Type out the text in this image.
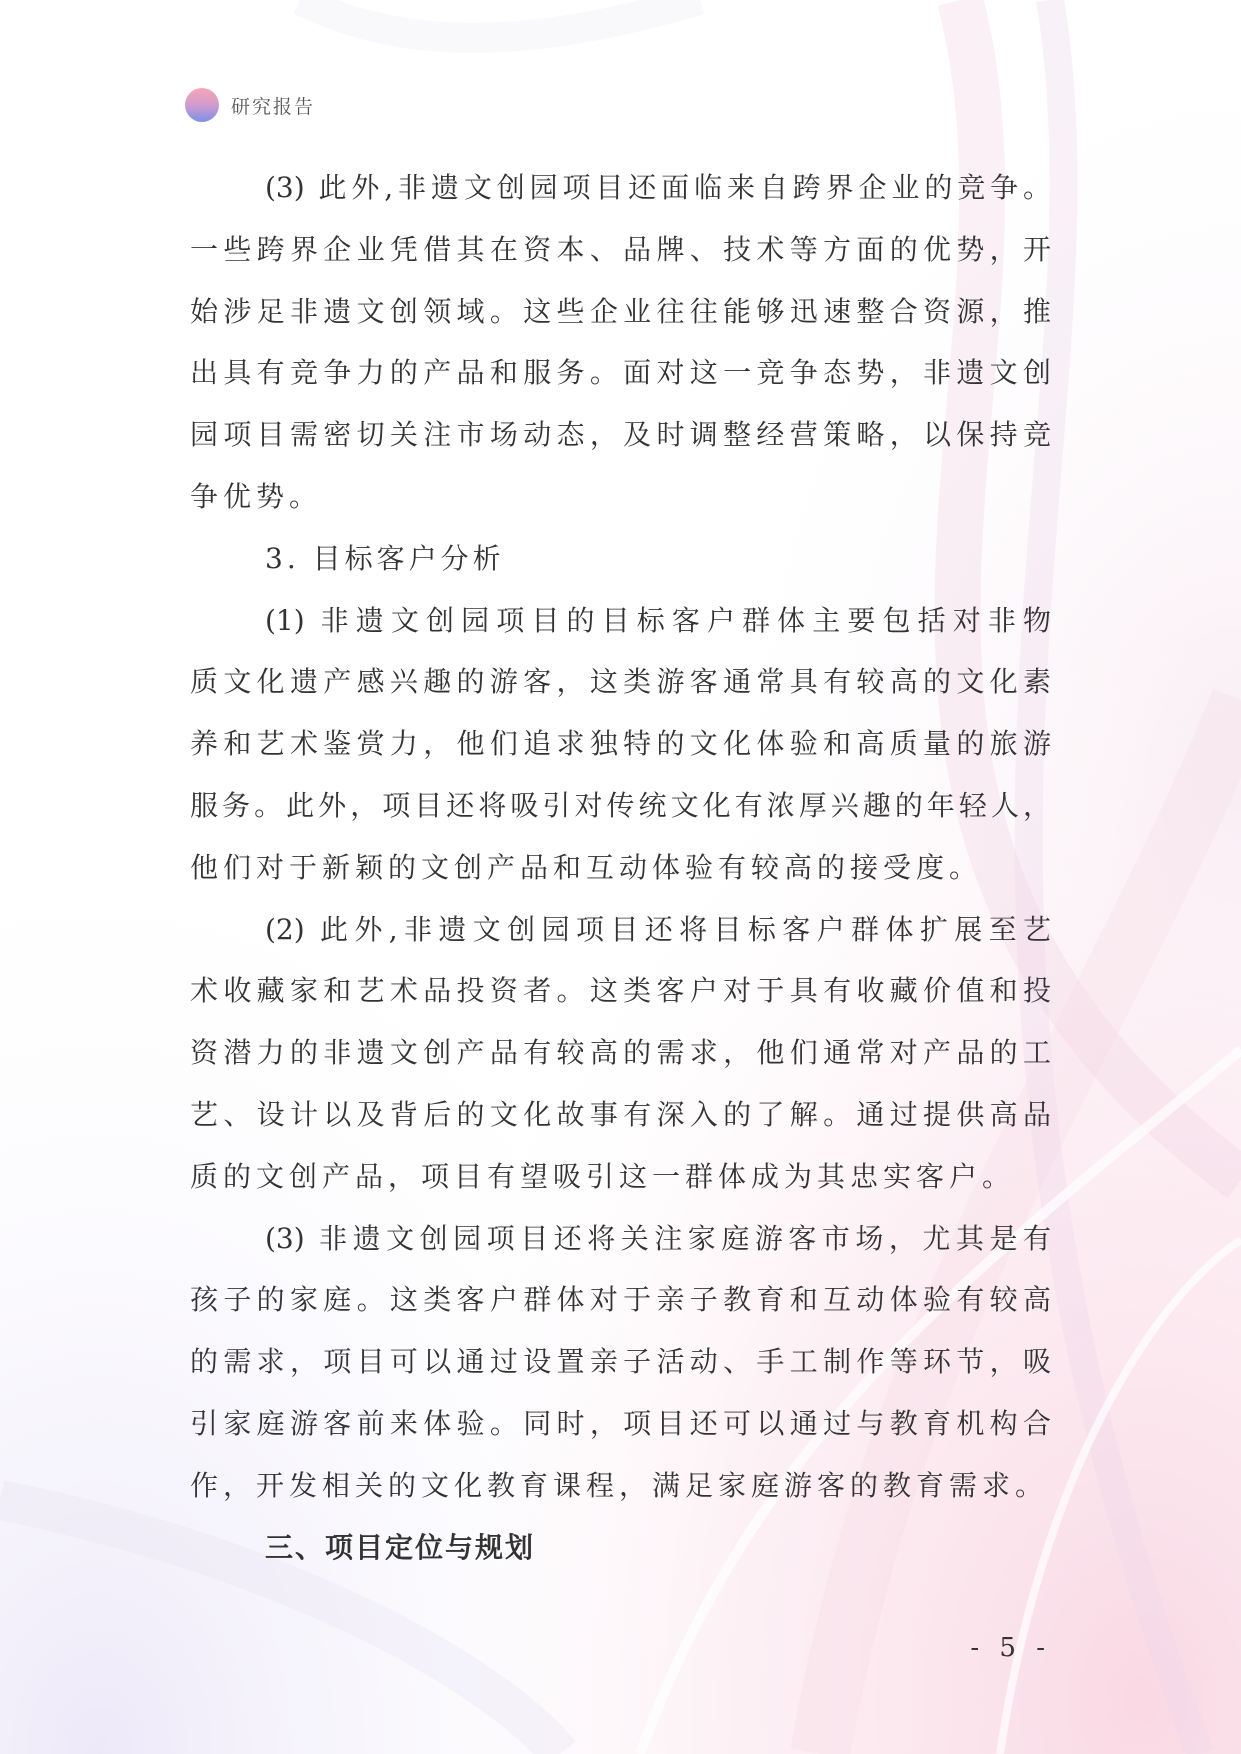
研究报告
(3) 此外,非遗文创园项目还面临来自跨界企业的竞争。
一些跨界企业凭借其在资本、品牌、技术等方面的优势，开
始涉足非遗文创领域。这些企业往往能够迅速整合资源，推
出具有竞争力的产品和服务。面对这一竞争态势，非遗文创
园项目需密切关注市场动态，及时调整经营策略，以保持竞
争优势。
3. 目标客户分析
(1) 非遗文创园项目的目标客户群体主要包括对非物
质文化遗产感兴趣的游客，这类游客通常具有较高的文化素
养和艺术鉴赏力，他们追求独特的文化体验和高质量的旅游
服务。此外，项目还将吸引对传统文化有浓厚兴趣的年轻人，
他们对于新颖的文创产品和互动体验有较高的接受度。
(2) 此外,非遗文创园项目还将目标客户群体扩展至艺
术收藏家和艺术品投资者。这类客户对于具有收藏价值和投
资潜力的非遗文创产品有较高的需求，他们通常对产品的工
艺、设计以及背后的文化故事有深入的了解。通过提供高品
质的文创产品，项目有望吸引这一群体成为其忠实客户。
(3) 非遗文创园项目还将关注家庭游客市场，尤其是有
孩子的家庭。这类客户群体对于亲子教育和互动体验有较高
的需求，项目可以通过设置亲子活动、手工制作等环节，吸
引家庭游客前来体验。同时，项目还可以通过与教育机构合
作，开发相关的文化教育课程，满足家庭游客的教育需求。
三、项目定位与规划
- 5 -
